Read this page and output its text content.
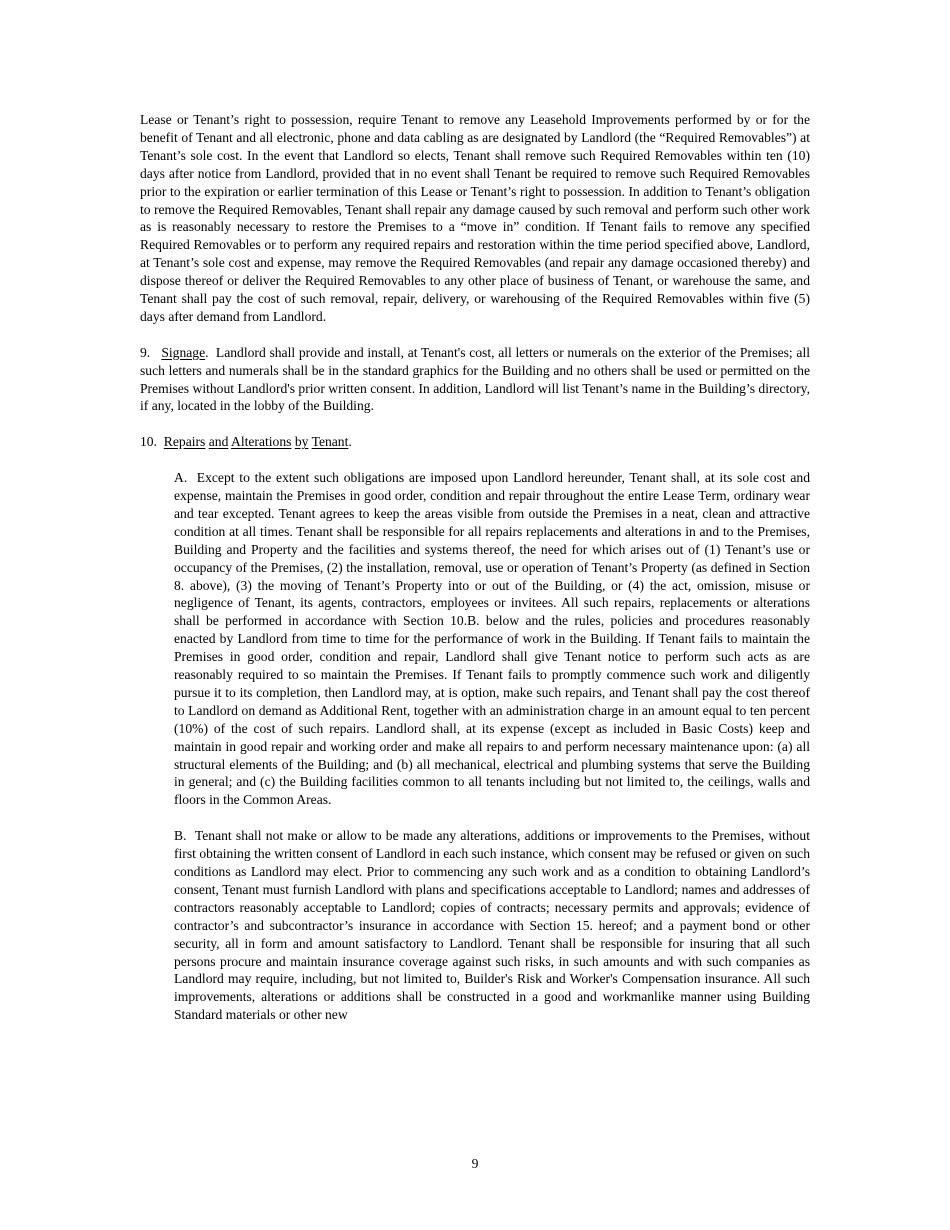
Lease or Tenant’s right to possession, require Tenant to remove any Leasehold Improvements performed by or for the benefit of Tenant and all electronic, phone and data cabling as are designated by Landlord (the “Required Removables”) at Tenant’s sole cost. In the event that Landlord so elects, Tenant shall remove such Required Removables within ten (10) days after notice from Landlord, provided that in no event shall Tenant be required to remove such Required Removables prior to the expiration or earlier termination of this Lease or Tenant’s right to possession. In addition to Tenant’s obligation to remove the Required Removables, Tenant shall repair any damage caused by such removal and perform such other work as is reasonably necessary to restore the Premises to a “move in” condition. If Tenant fails to remove any specified Required Removables or to perform any required repairs and restoration within the time period specified above, Landlord, at Tenant’s sole cost and expense, may remove the Required Removables (and repair any damage occasioned thereby) and dispose thereof or deliver the Required Removables to any other place of business of Tenant, or warehouse the same, and Tenant shall pay the cost of such removal, repair, delivery, or warehousing of the Required Removables within five (5) days after demand from Landlord.

9. Signage.  Landlord shall provide and install, at Tenant's cost, all letters or numerals on the exterior of the Premises; all such letters and numerals shall be in the standard graphics for the Building and no others shall be used or permitted on the Premises without Landlord's prior written consent. In addition, Landlord will list Tenant’s name in the Building’s directory, if any, located in the lobby of the Building.

10. Repairs and Alterations by Tenant.

A. Except to the extent such obligations are imposed upon Landlord hereunder, Tenant shall, at its sole cost and expense, maintain the Premises in good order, condition and repair throughout the entire Lease Term, ordinary wear and tear excepted. Tenant agrees to keep the areas visible from outside the Premises in a neat, clean and attractive condition at all times. Tenant shall be responsible for all repairs replacements and alterations in and to the Premises, Building and Property and the facilities and systems thereof, the need for which arises out of (1) Tenant’s use or occupancy of the Premises, (2) the installation, removal, use or operation of Tenant’s Property (as defined in Section 8. above), (3) the moving of Tenant’s Property into or out of the Building, or (4) the act, omission, misuse or negligence of Tenant, its agents, contractors, employees or invitees. All such repairs, replacements or alterations shall be performed in accordance with Section 10.B. below and the rules, policies and procedures reasonably enacted by Landlord from time to time for the performance of work in the Building. If Tenant fails to maintain the Premises in good order, condition and repair, Landlord shall give Tenant notice to perform such acts as are reasonably required to so maintain the Premises. If Tenant fails to promptly commence such work and diligently pursue it to its completion, then Landlord may, at is option, make such repairs, and Tenant shall pay the cost thereof to Landlord on demand as Additional Rent, together with an administration charge in an amount equal to ten percent (10%) of the cost of such repairs. Landlord shall, at its expense (except as included in Basic Costs) keep and maintain in good repair and working order and make all repairs to and perform necessary maintenance upon: (a) all structural elements of the Building; and (b) all mechanical, electrical and plumbing systems that serve the Building in general; and (c) the Building facilities common to all tenants including but not limited to, the ceilings, walls and floors in the Common Areas.

B. Tenant shall not make or allow to be made any alterations, additions or improvements to the Premises, without first obtaining the written consent of Landlord in each such instance, which consent may be refused or given on such conditions as Landlord may elect. Prior to commencing any such work and as a condition to obtaining Landlord’s consent, Tenant must furnish Landlord with plans and specifications acceptable to Landlord; names and addresses of contractors reasonably acceptable to Landlord; copies of contracts; necessary permits and approvals; evidence of contractor’s and subcontractor’s insurance in accordance with Section 15. hereof; and a payment bond or other security, all in form and amount satisfactory to Landlord. Tenant shall be responsible for insuring that all such persons procure and maintain insurance coverage against such risks, in such amounts and with such companies as Landlord may require, including, but not limited to, Builder's Risk and Worker's Compensation insurance. All such improvements, alterations or additions shall be constructed in a good and workmanlike manner using Building Standard materials or other new

9
